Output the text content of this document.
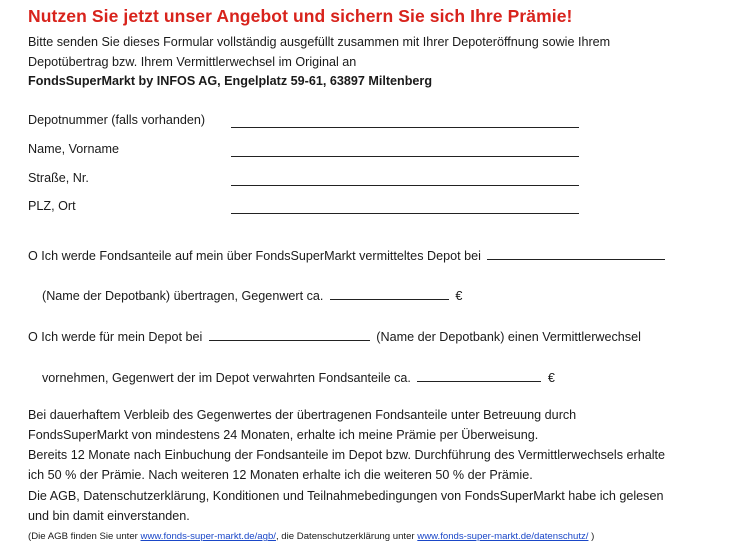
Nutzen Sie jetzt unser Angebot und sichern Sie sich Ihre Prämie!
Bitte senden Sie dieses Formular vollständig ausgefüllt zusammen mit Ihrer Depoteröffnung sowie Ihrem
Depotübertrag bzw. Ihrem Vermittlerwechsel im Original an
FondsSuperMarkt by INFOS AG, Engelplatz 59-61, 63897 Miltenberg
Depotnummer (falls vorhanden)
Name, Vorname
Straße, Nr.
PLZ, Ort
O Ich werde Fondsanteile auf mein über FondsSuperMarkt vermitteltes Depot bei
(Name der Depotbank) übertragen, Gegenwert ca.	€
O Ich werde für mein Depot bei	(Name der Depotbank) einen Vermittlerwechsel
vornehmen, Gegenwert der im Depot verwahrten Fondsanteile ca.	€
Bei dauerhaftem Verbleib des Gegenwertes der übertragenen Fondsanteile unter Betreuung durch
FondsSuperMarkt von mindestens 24 Monaten, erhalte ich meine Prämie per Überweisung.
Bereits 12 Monate nach Einbuchung der Fondsanteile im Depot bzw. Durchführung des Vermittlerwechsels erhalte
ich 50 % der Prämie. Nach weiteren 12 Monaten erhalte ich die weiteren 50 % der Prämie.
Die AGB, Datenschutzerklärung, Konditionen und Teilnahmebedingungen von FondsSuperMarkt habe ich gelesen
und bin damit einverstanden.
(Die AGB finden Sie unter www.fonds-super-markt.de/agb/, die Datenschutzerklärung unter www.fonds-super-markt.de/datenschutz/ )
